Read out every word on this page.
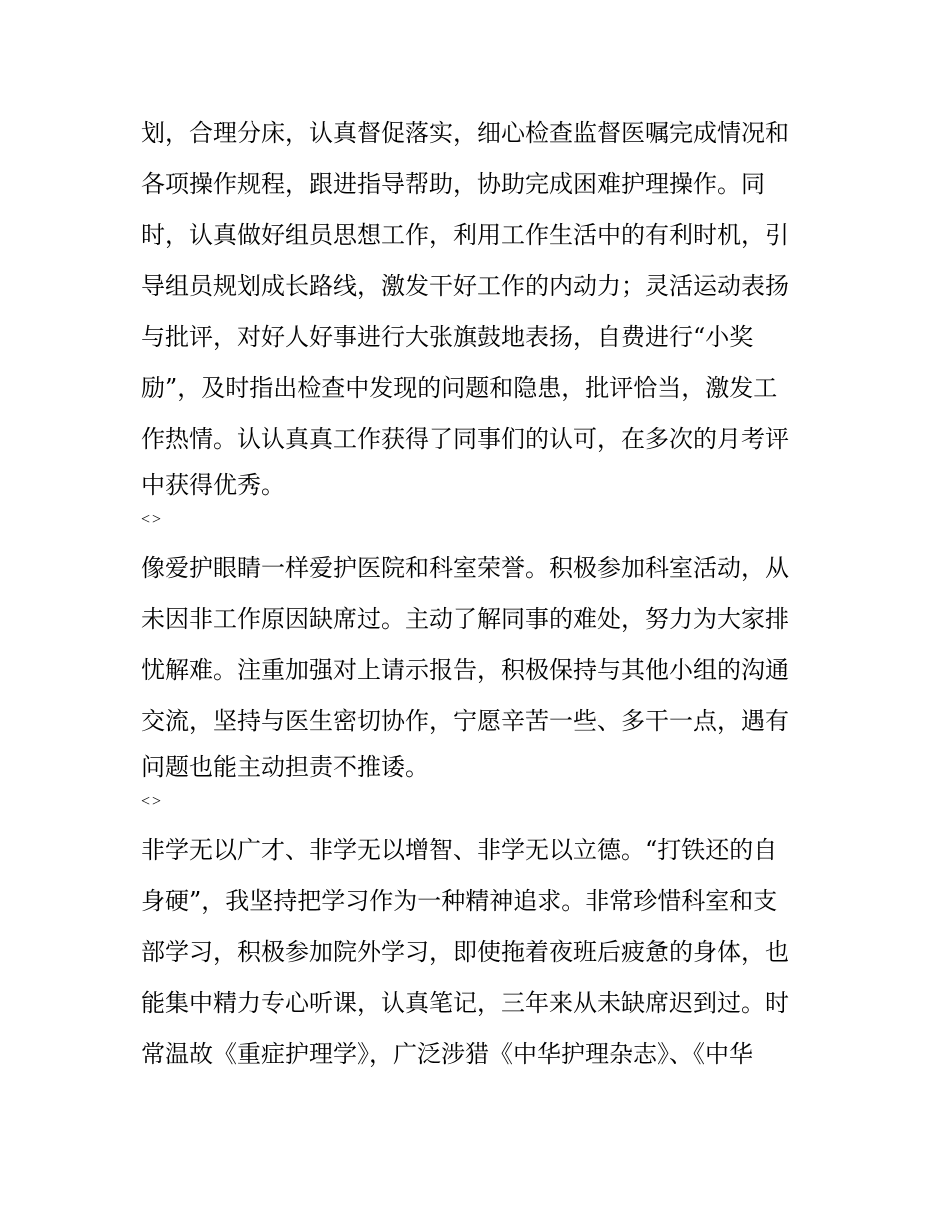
划，合理分床，认真督促落实，细心检查监督医嘱完成情况和
各项操作规程，跟进指导帮助，协助完成困难护理操作。同
时，认真做好组员思想工作，利用工作生活中的有利时机，引
导组员规划成长路线，激发干好工作的内动力；灵活运动表扬
与批评，对好人好事进行大张旗鼓地表扬，自费进行“小奖
励”，及时指出检查中发现的问题和隐患，批评恰当，激发工
作热情。认认真真工作获得了同事们的认可，在多次的月考评
中获得优秀。
<>
像爱护眼睛一样爱护医院和科室荣誉。积极参加科室活动，从
未因非工作原因缺席过。主动了解同事的难处，努力为大家排
忧解难。注重加强对上请示报告，积极保持与其他小组的沟通
交流，坚持与医生密切协作，宁愿辛苦一些、多干一点，遇有
问题也能主动担责不推诿。
<>
非学无以广才、非学无以增智、非学无以立德。“打铁还的自
身硬”，我坚持把学习作为一种精神追求。非常珍惜科室和支
部学习，积极参加院外学习，即使拖着夜班后疲惫的身体，也
能集中精力专心听课，认真笔记，三年来从未缺席迟到过。时
常温故《重症护理学》，广泛涉猎《中华护理杂志》、《中华
